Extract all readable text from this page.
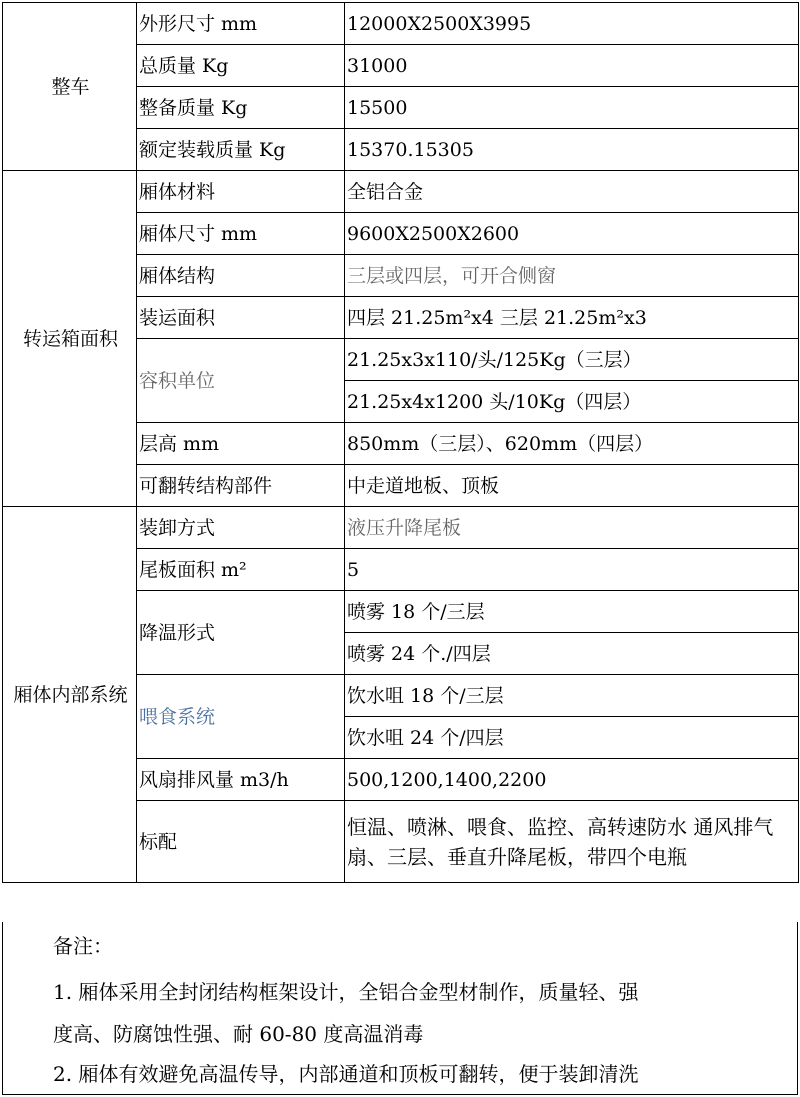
整车	外形尺寸 mm	12000X2500X3995
	总质量 Kg	31000
	整备质量 Kg	15500
	额定装载质量 Kg	15370.15305
转运箱面积	厢体材料	全铝合金
	厢体尺寸 mm	9600X2500X2600
	厢体结构	三层或四层，可开合侧窗
	装运面积	四层 21.25m²x4 三层 21.25m²x3
	容积单位	21.25x3x110/头/125Kg（三层）
		21.25x4x1200 头/10Kg（四层）
	层高 mm	850mm（三层）、620mm（四层）
	可翻转结构部件	中走道地板、顶板
厢体内部系统	装卸方式	液压升降尾板
	尾板面积 m²	5
	降温形式	喷雾 18 个/三层
		喷雾 24 个./四层
	喂食系统	饮水咀 18 个/三层
		饮水咀 24 个/四层
	风扇排风量 m3/h	500,1200,1400,2200
	标配	恒温、喷淋、喂食、监控、高转速防水 通风排气扇、三层、垂直升降尾板，带四个电瓶
备注：
1. 厢体采用全封闭结构框架设计，全铝合金型材制作，质量轻、强
度高、防腐蚀性强、耐 60-80 度高温消毒
2. 厢体有效避免高温传导，内部通道和顶板可翻转，便于装卸清洗
